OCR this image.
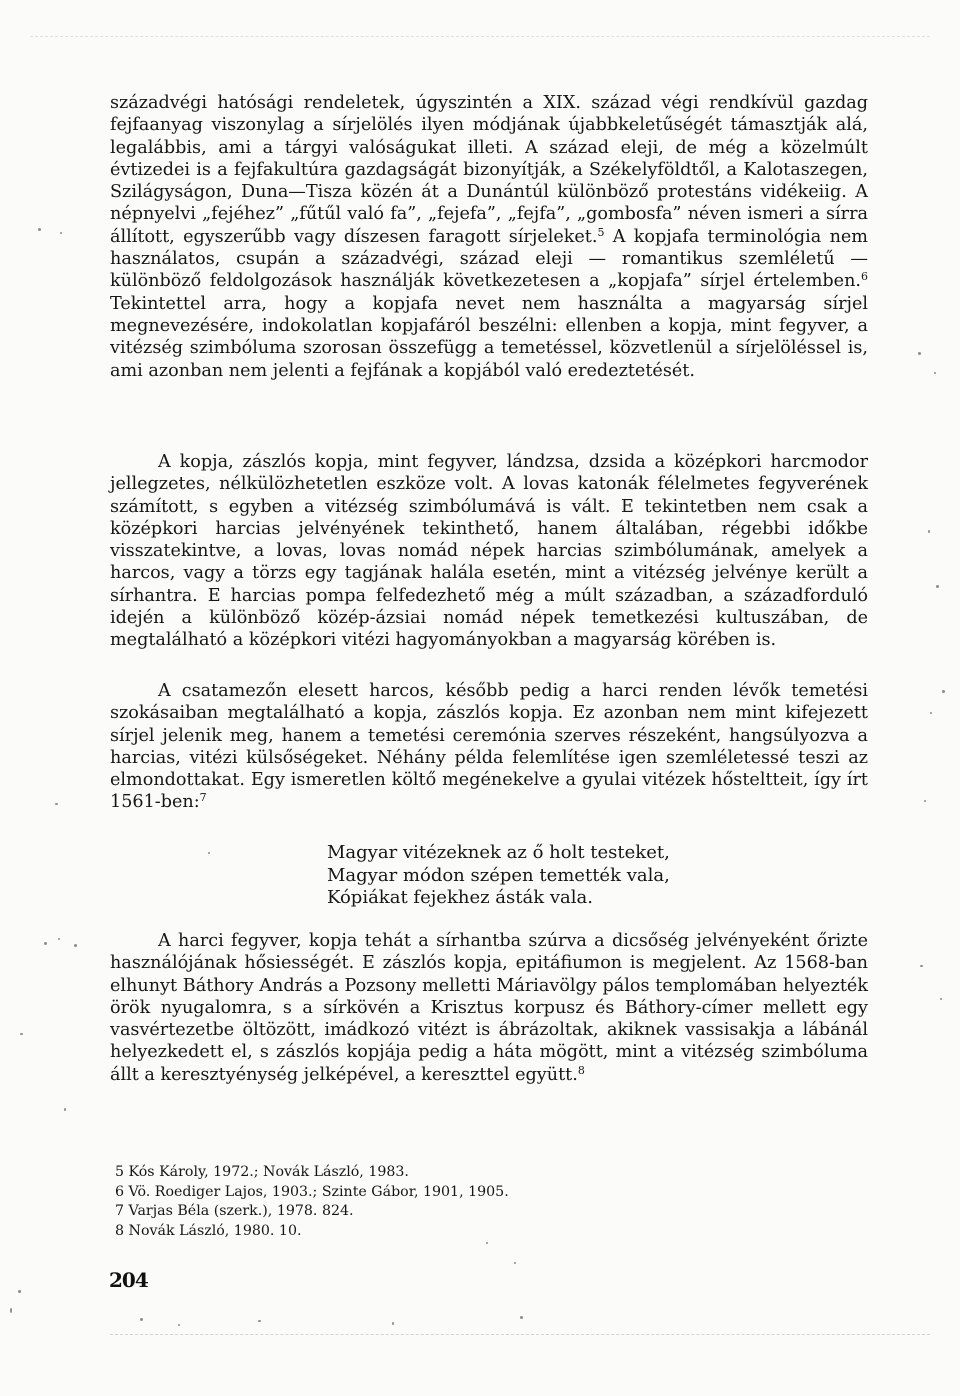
századvégi hatósági rendeletek, úgyszintén a XIX. század végi rendkívül gazdag fejfaanyag viszonylag a sírjelölés ilyen módjának újabbkeletűségét támasztják alá, legalábbis, ami a tárgyi valóságukat illeti. A század eleji, de még a közelmúlt évtizedei is a fejfakultúra gazdagságát bizonyítják, a Székelyföldtől, a Kalotaszegen, Szilágyságon, Duna—Tisza közén át a Dunántúl különböző protestáns vidékeiig. A népnyelvi „fejéhez” „fűtűl való fa”, „fejefa”, „fejfa”, „gombosfa” néven ismeri a sírra állított, egyszerűbb vagy díszesen faragott sírjeleket.$^5$ A kopjafa terminológia nem használatos, csupán a századvégi, század eleji — romantikus szemléletű — különböző feldolgozások használják következetesen a „kopjafa” sírjel értelemben.$^6$ Tekintettel arra, hogy a kopjafa nevet nem használta a magyarság sírjel megnevezésére, indokolatlan kopjafáról beszélni: ellenben a kopja, mint fegyver, a vitézség szimbóluma szorosan összefügg a temetéssel, közvetlenül a sírjelöléssel is, ami azonban nem jelenti a fejfának a kopjából való eredeztetését.

A kopja, zászlós kopja, mint fegyver, lándzsa, dzsida a középkori harcmodor jellegzetes, nélkülözhetetlen eszköze volt. A lovas katonák félelmetes fegyverének számított, s egyben a vitézség szimbólumává is vált. E tekintetben nem csak a középkori harcias jelvényének tekinthető, hanem általában, régebbi időkbe visszatekintve, a lovas, lovas nomád népek harcias szimbólumának, amelyek a harcos, vagy a törzs egy tagjának halála esetén, mint a vitézség jelvénye került a sírhantra. E harcias pompa felfedezhető még a múlt században, a századforduló idején a különböző közép-ázsiai nomád népek temetkezési kultuszában, de megtalálható a középkori vitézi hagyományokban a magyarság körében is.

A csatamezőn elesett harcos, később pedig a harci renden lévők temetési szokásaiban megtalálható a kopja, zászlós kopja. Ez azonban nem mint kifejezett sírjel jelenik meg, hanem a temetési ceremónia szerves részeként, hangsúlyozva a harcias, vitézi külsőségeket. Néhány példa felemlítése igen szemléletessé teszi az elmondottakat. Egy ismeretlen költő megénekelve a gyulai vitézek hősteltteit, így írt 1561-ben:$^7$

Magyar vitézeknek az ő holt testeket,
Magyar módon szépen temették vala,
Kópiákat fejekhez ásták vala.

A harci fegyver, kopja tehát a sírhantba szúrva a dicsőség jelvényeként őrizte használójának hősiességét. E zászlós kopja, epitáfiumon is megjelent. Az 1568-ban elhunyt Báthory András a Pozsony melletti Máriavölgy pálos templomában helyezték örök nyugalomra, s a sírkövén a Krisztus korpusz és Báthory-címer mellett egy vasvértezetbe öltözött, imádkozó vitézt is ábrázoltak, akiknek vassisakja a lábánál helyezkedett el, s zászlós kopjája pedig a háta mögött, mint a vitézség szimbóluma állt a keresztyénység jelképével, a kereszttel együtt.$^8$

5 Kós Károly, 1972.; Novák László, 1983.
6 Vö. Roediger Lajos, 1903.; Szinte Gábor, 1901, 1905.
7 Varjas Béla (szerk.), 1978. 824.
8 Novák László, 1980. 10.
204
